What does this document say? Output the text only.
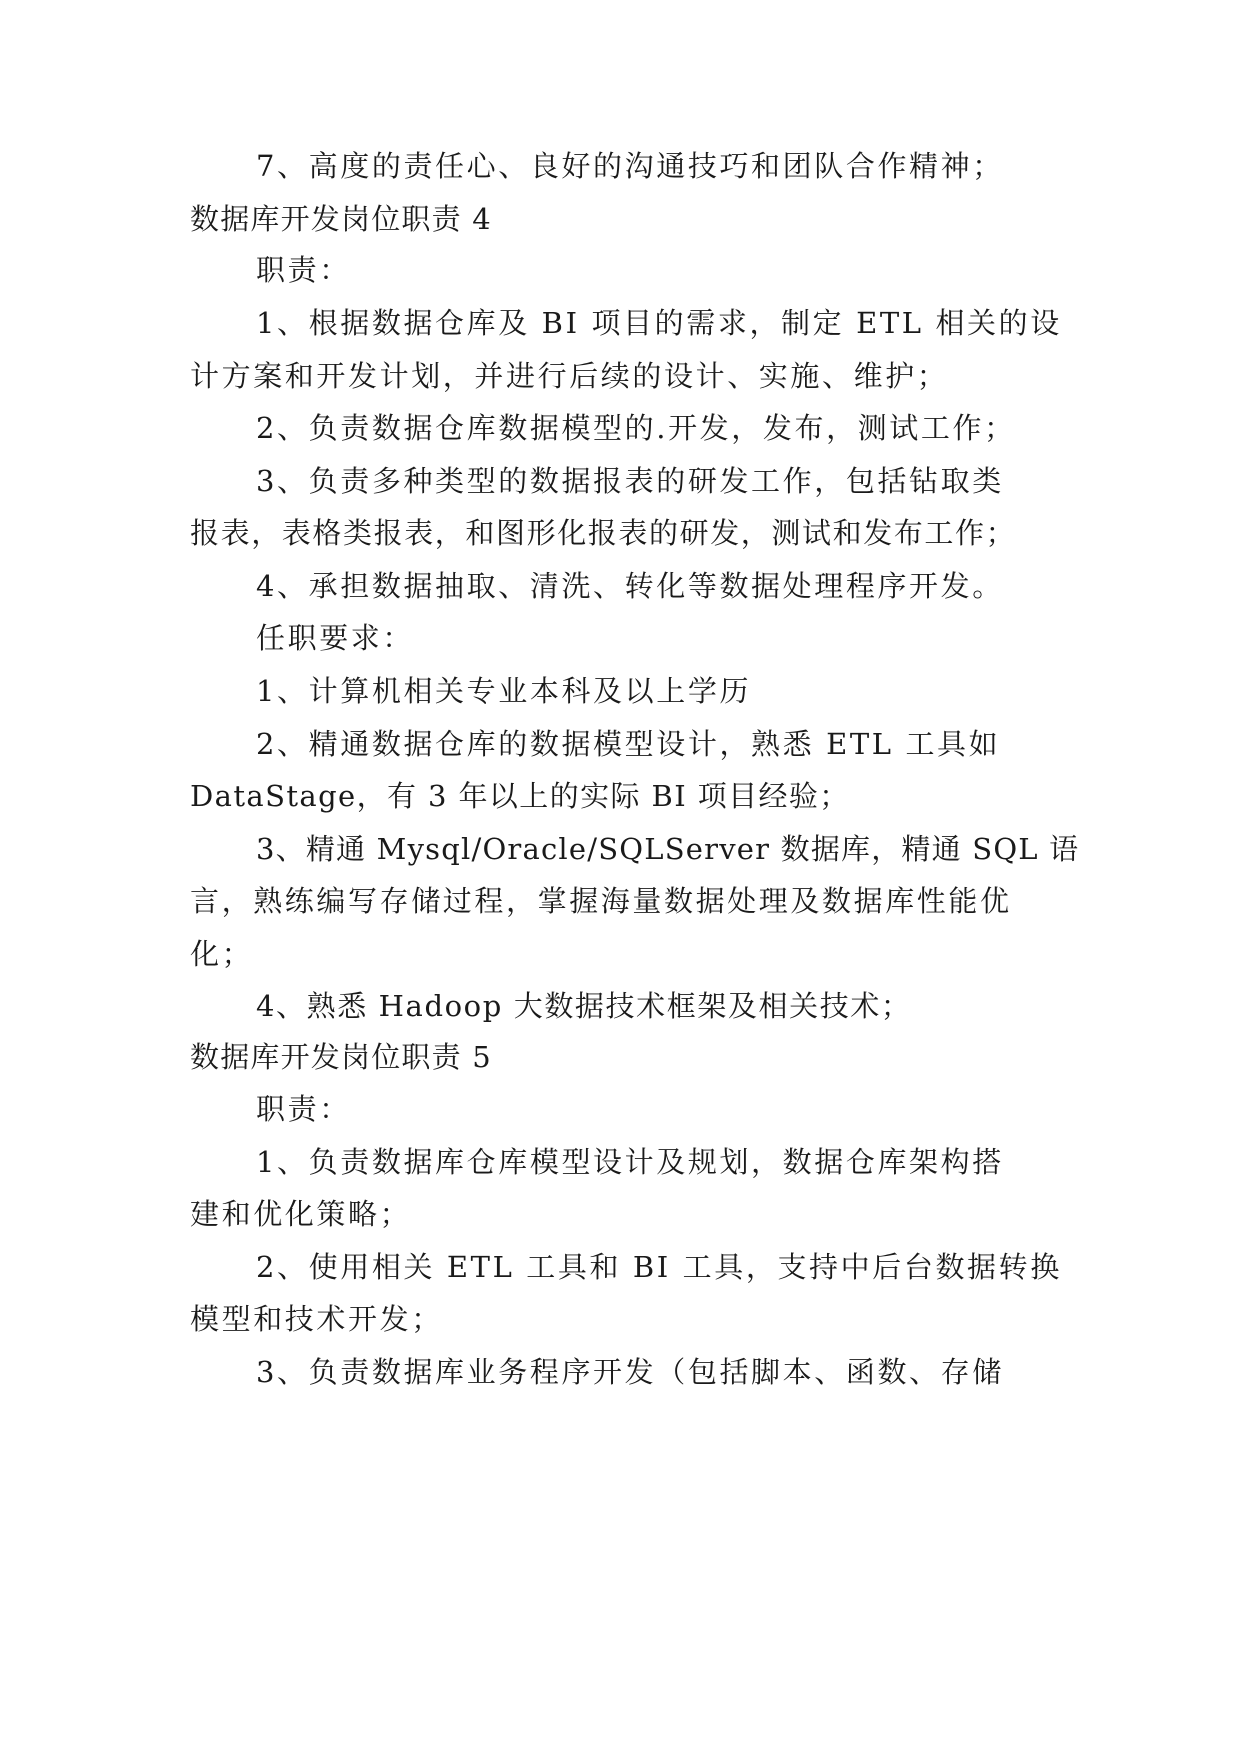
7、高度的责任心、良好的沟通技巧和团队合作精神；
数据库开发岗位职责 4
职责：
1、根据数据仓库及 BI 项目的需求，制定 ETL 相关的设
计方案和开发计划，并进行后续的设计、实施、维护；
2、负责数据仓库数据模型的.开发，发布，测试工作；
3、负责多种类型的数据报表的研发工作，包括钻取类
报表，表格类报表，和图形化报表的研发，测试和发布工作；
4、承担数据抽取、清洗、转化等数据处理程序开发。
任职要求：
1、计算机相关专业本科及以上学历
2、精通数据仓库的数据模型设计，熟悉 ETL 工具如
DataStage，有 3 年以上的实际 BI 项目经验；
3、精通 Mysql/Oracle/SQLServer 数据库，精通 SQL 语
言，熟练编写存储过程，掌握海量数据处理及数据库性能优
化；
4、熟悉 Hadoop 大数据技术框架及相关技术；
数据库开发岗位职责 5
职责：
1、负责数据库仓库模型设计及规划，数据仓库架构搭
建和优化策略；
2、使用相关 ETL 工具和 BI 工具，支持中后台数据转换
模型和技术开发；
3、负责数据库业务程序开发（包括脚本、函数、存储
